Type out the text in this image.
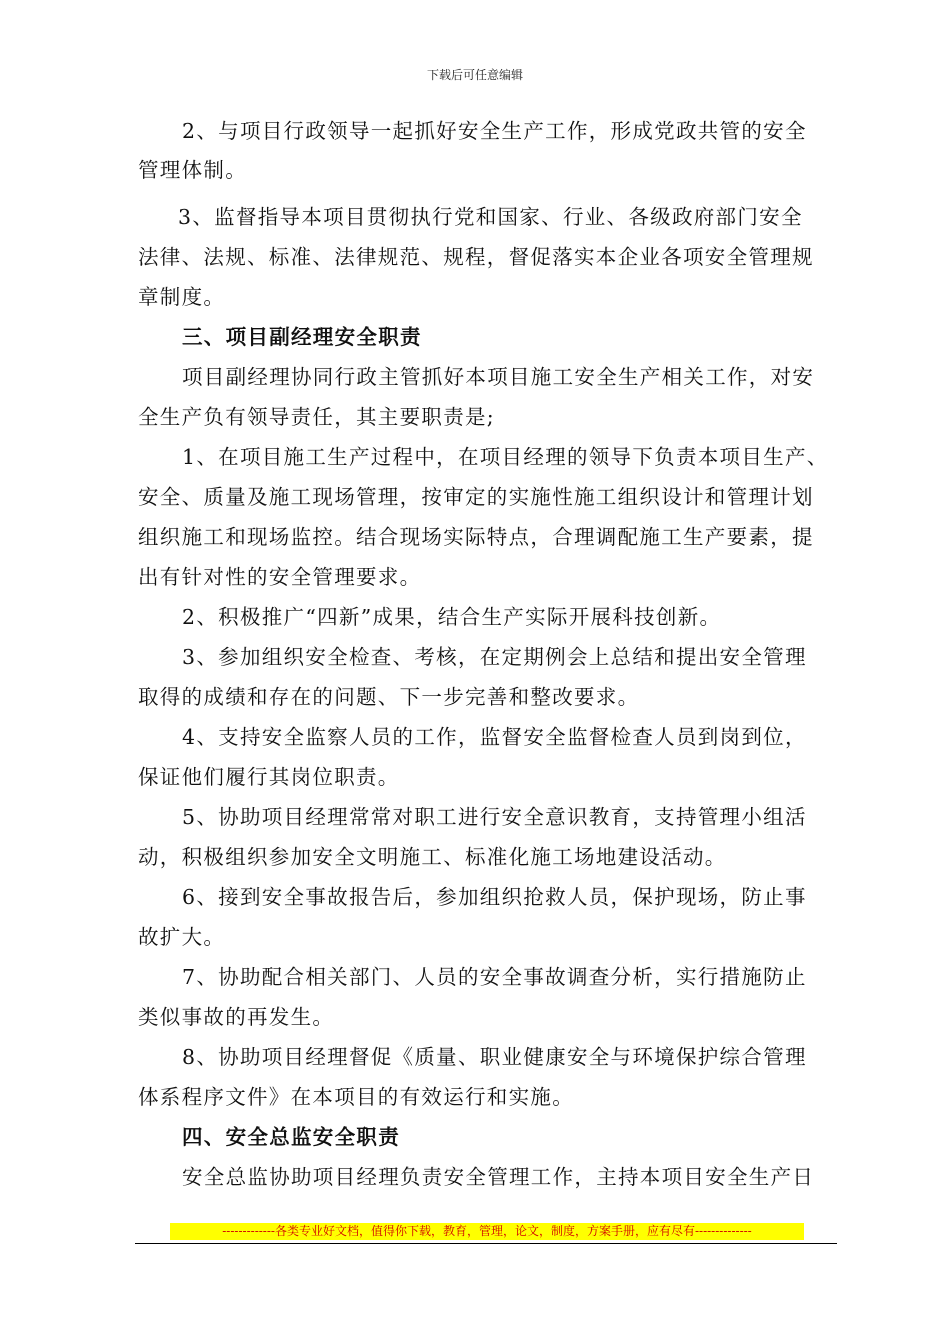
下载后可任意编辑
2、与项目行政领导一起抓好安全生产工作，形成党政共管的安全
管理体制。
3、监督指导本项目贯彻执行党和国家、行业、各级政府部门安全
法律、法规、标准、法律规范、规程，督促落实本企业各项安全管理规
章制度。
三、项目副经理安全职责
项目副经理协同行政主管抓好本项目施工安全生产相关工作，对安
全生产负有领导责任，其主要职责是;
1、在项目施工生产过程中，在项目经理的领导下负责本项目生产、
安全、质量及施工现场管理，按审定的实施性施工组织设计和管理计划
组织施工和现场监控。结合现场实际特点，合理调配施工生产要素，提
出有针对性的安全管理要求。
2、积极推广“四新”成果，结合生产实际开展科技创新。
3、参加组织安全检查、考核，在定期例会上总结和提出安全管理
取得的成绩和存在的问题、下一步完善和整改要求。
4、支持安全监察人员的工作，监督安全监督检查人员到岗到位，
保证他们履行其岗位职责。
5、协助项目经理常常对职工进行安全意识教育，支持管理小组活
动，积极组织参加安全文明施工、标准化施工场地建设活动。
6、接到安全事故报告后，参加组织抢救人员，保护现场，防止事
故扩大。
7、协助配合相关部门、人员的安全事故调查分析，实行措施防止
类似事故的再发生。
8、协助项目经理督促《质量、职业健康安全与环境保护综合管理
体系程序文件》在本项目的有效运行和实施。
四、安全总监安全职责
安全总监协助项目经理负责安全管理工作，主持本项目安全生产日
-------------各类专业好文档，值得你下载，教育，管理，论文，制度，方案手册，应有尽有--------------
